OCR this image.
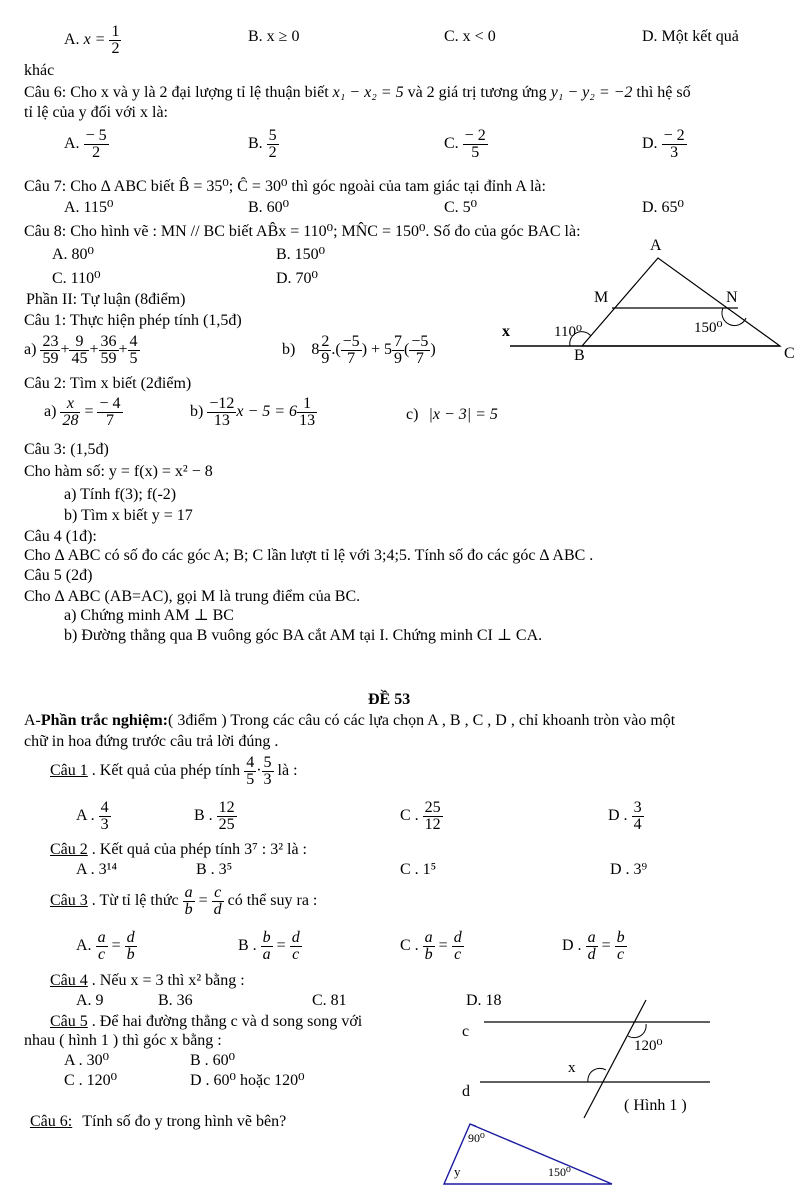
A. $x = \frac{1}{2}$	B. x ≥ 0	C. x < 0	D. Một kết quả
khác
Câu 6: Cho x và y là 2 đại lượng tỉ lệ thuận biết x₁ − x₂ = 5 và 2 giá trị tương ứng y₁ − y₂ = −2 thì hệ số
tỉ lệ của y đối với x là:
A. $\frac{- 5}{2}$	B. $\frac{5}{2}$	C. $\frac{- 2}{5}$	D. $\frac{- 2}{3}$
Câu 7: Cho ∆ ABC biết B̂ = 35⁰; Ĉ = 30⁰ thì góc ngoài của tam giác tại đỉnh A là:
A. 115⁰	B. 60⁰	C. 5⁰	D. 65⁰
Câu 8: Cho hình vẽ : MN // BC biết AB̂x = 110⁰; MN̂C = 150⁰. Số đo của góc BAC là:
A. 80⁰	B. 150⁰
C. 110⁰	D. 70⁰
A
M	N
B	C
x	110⁰	150⁰
Phần II: Tự luận (8điểm)
Câu 1: Thực hiện phép tính (1,5đ)
$a) \frac{23}{59} + \frac{9}{45} + \frac{36}{59} + \frac{4}{5}$	b) $8 \frac{2}{9}$ .( $\frac{-5}{7}$ ) + $5 \frac{7}{9}$ ( $\frac{-5}{7}$ )
Câu 2: Tìm x biết (2điểm)
$a) \frac{x}{28} = \frac{- 4}{7}$	$b) \frac{-12}{13}$ $x - 5 = 6 \frac{1}{13}$	c) |x − 3| = 5
Câu 3: (1,5đ)
Cho hàm số: y = f(x) = x² − 8
a) Tính f(3); f(-2)
b) Tìm x biết y = 17
Câu 4 (1đ):
Cho ∆ ABC có số đo các góc A; B; C lần lượt tỉ lệ với 3;4;5. Tính số đo các góc ∆ ABC .
Câu 5 (2đ)
Cho ∆ ABC (AB=AC), gọi M là trung điểm của BC.
a) Chứng minh AM ⊥ BC
b) Đường thẳng qua B vuông góc BA cắt AM tại I. Chứng minh CI ⊥ CA.
ĐỀ 53
A-Phần trắc nghiệm:( 3điểm ) Trong các câu có các lựa chọn A , B , C , D , chỉ khoanh tròn vào một
chữ in hoa đứng trước câu trả lời đúng .
Câu 1 . Kết quả của phép tính $\frac{4}{5} \cdot \frac{5}{3}$ là :
A . $\frac{4}{3}$	B . $\frac{12}{25}$	C . $\frac{25}{12}$	D . $\frac{3}{4}$
Câu 2 . Kết quả của phép tính 3⁷ : 3² là :
A . 3¹⁴	B . 3⁵	C . 1⁵	D . 3⁹
Câu 3 . Từ tỉ lệ thức $\frac{a}{b} = \frac{c}{d}$ có thể suy ra :
A. $\frac{a}{c} = \frac{d}{b}$	B . $\frac{b}{a} = \frac{d}{c}$	C . $\frac{a}{b} = \frac{d}{c}$	D . $\frac{a}{d} = \frac{b}{c}$
Câu 4 . Nếu x = 3 thì x² bằng :
A. 9	B. 36	C. 81	D. 18
Câu 5 . Để hai đường thẳng c và d song song với
nhau ( hình 1 ) thì góc x bằng :
A . 30⁰	B . 60⁰
C . 120⁰	D . 60⁰ hoặc 120⁰
c
d
x
120⁰
( Hình 1 )
Câu 6: Tính số đo y trong hình vẽ bên?
90⁰
y	150⁰
